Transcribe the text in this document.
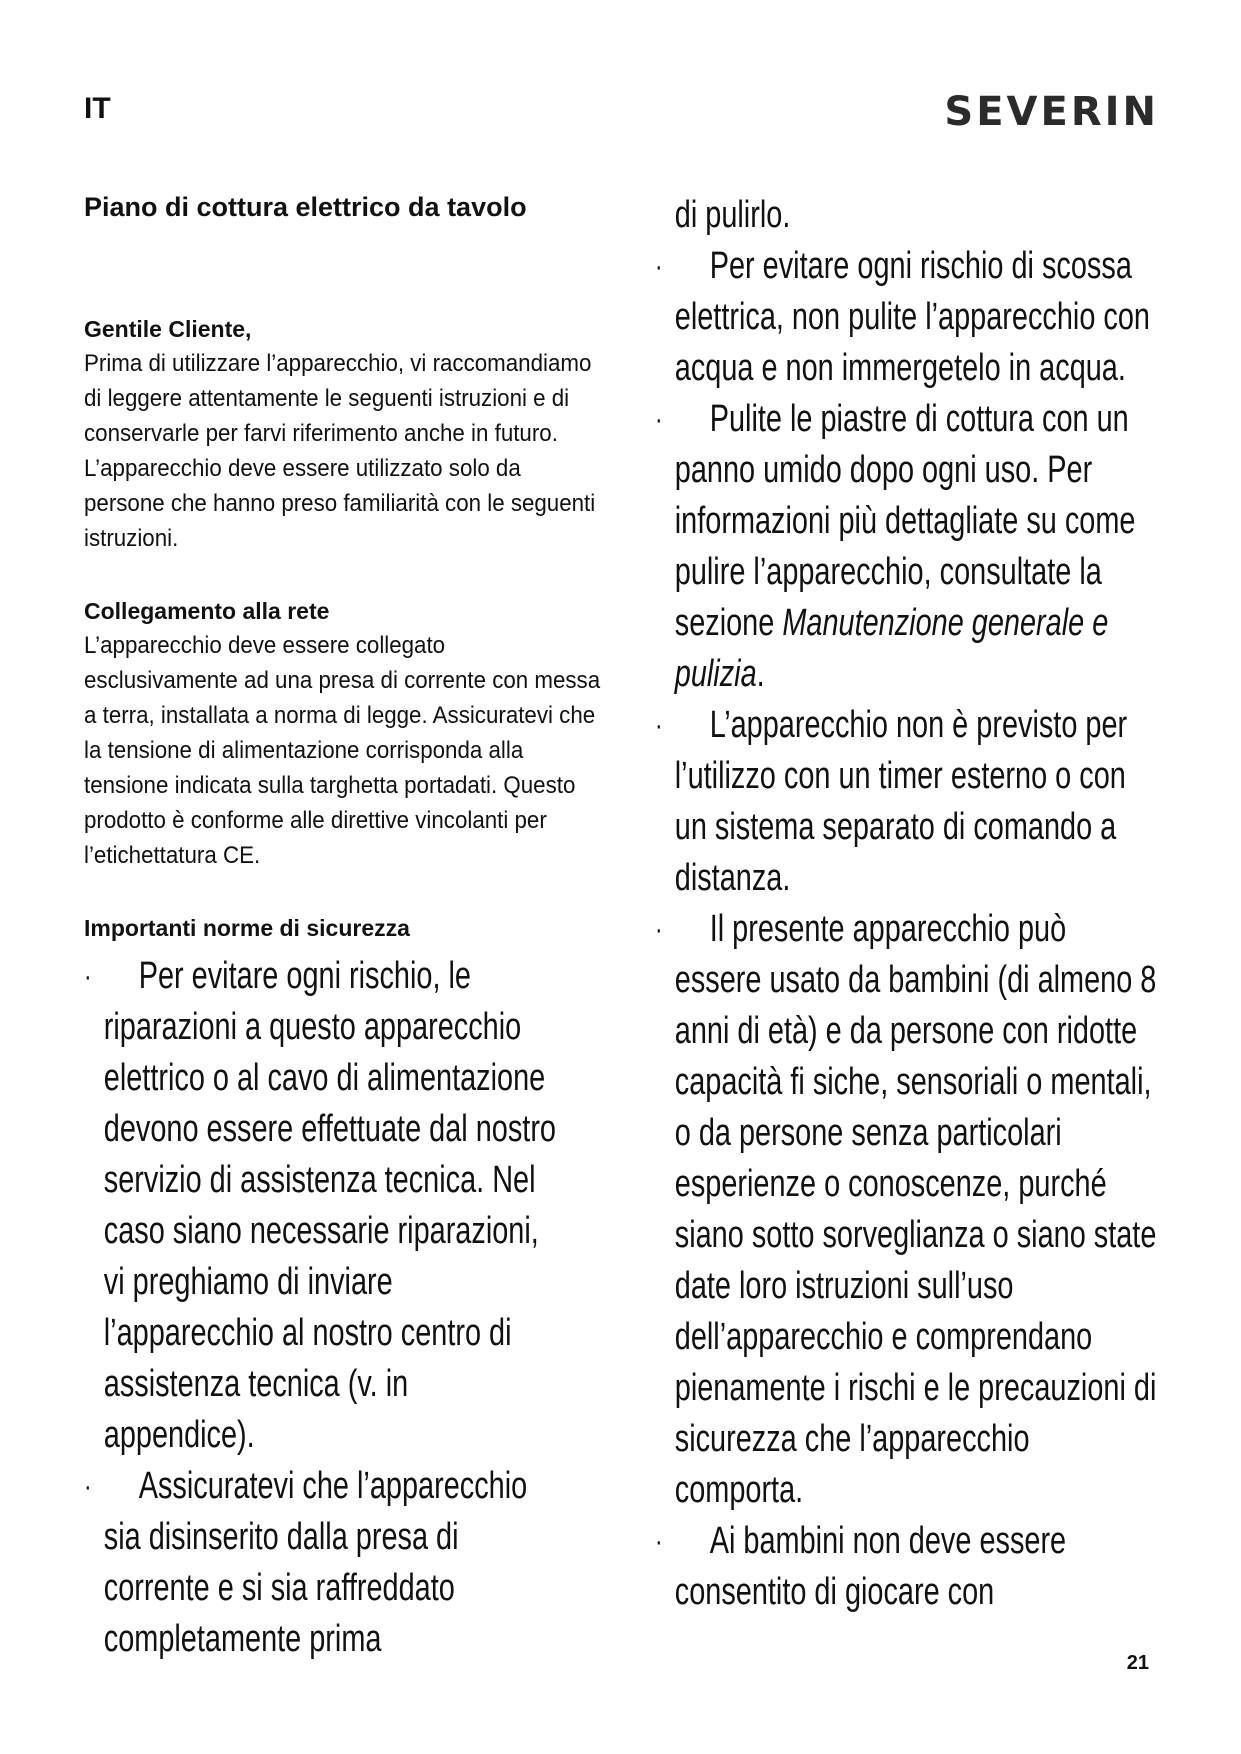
IT	SEVERIN
Piano di cottura elettrico da tavolo
Gentile Cliente,

Prima di utilizzare l’apparecchio, vi raccomandiamo di leggere attentamente le seguenti istruzioni e di conservarle per farvi riferimento anche in futuro. L’apparecchio deve essere utilizzato solo da persone che hanno preso familiarità con le seguenti istruzioni.

Collegamento alla rete

L’apparecchio deve essere collegato esclusivamente ad una presa di corrente con messa a terra, installata a norma di legge. Assicuratevi che la tensione di alimentazione corrisponda alla tensione indicata sulla targhetta portadati. Questo prodotto è conforme alle direttive vincolanti per l’etichettatura CE.

Importanti norme di sicurezza
· Per evitare ogni rischio, le riparazioni a questo apparecchio elettrico o al cavo di alimentazione devono essere effettuate dal nostro servizio di assistenza tecnica. Nel caso siano necessarie riparazioni, vi preghiamo di inviare l’apparecchio al nostro centro di assistenza tecnica (v. in appendice).
· Assicuratevi che l’apparecchio sia disinserito dalla presa di corrente e si sia raffreddato completamente prima
di pulirlo.
· Per evitare ogni rischio di scossa elettrica, non pulite l’apparecchio con acqua e non immergetelo in acqua.
· Pulite le piastre di cottura con un panno umido dopo ogni uso. Per informazioni più dettagliate su come pulire l’apparecchio, consultate la sezione Manutenzione generale e pulizia.
· L’apparecchio non è previsto per l’utilizzo con un timer esterno o con un sistema separato di comando a distanza.
· Il presente apparecchio può essere usato da bambini (di almeno 8 anni di età) e da persone con ridotte capacità fi siche, sensoriali o mentali, o da persone senza particolari esperienze o conoscenze, purché siano sotto sorveglianza o siano state date loro istruzioni sull’uso dell’apparecchio e comprendano pienamente i rischi e le precauzioni di sicurezza che l’apparecchio comporta.
· Ai bambini non deve essere consentito di giocare con
21
